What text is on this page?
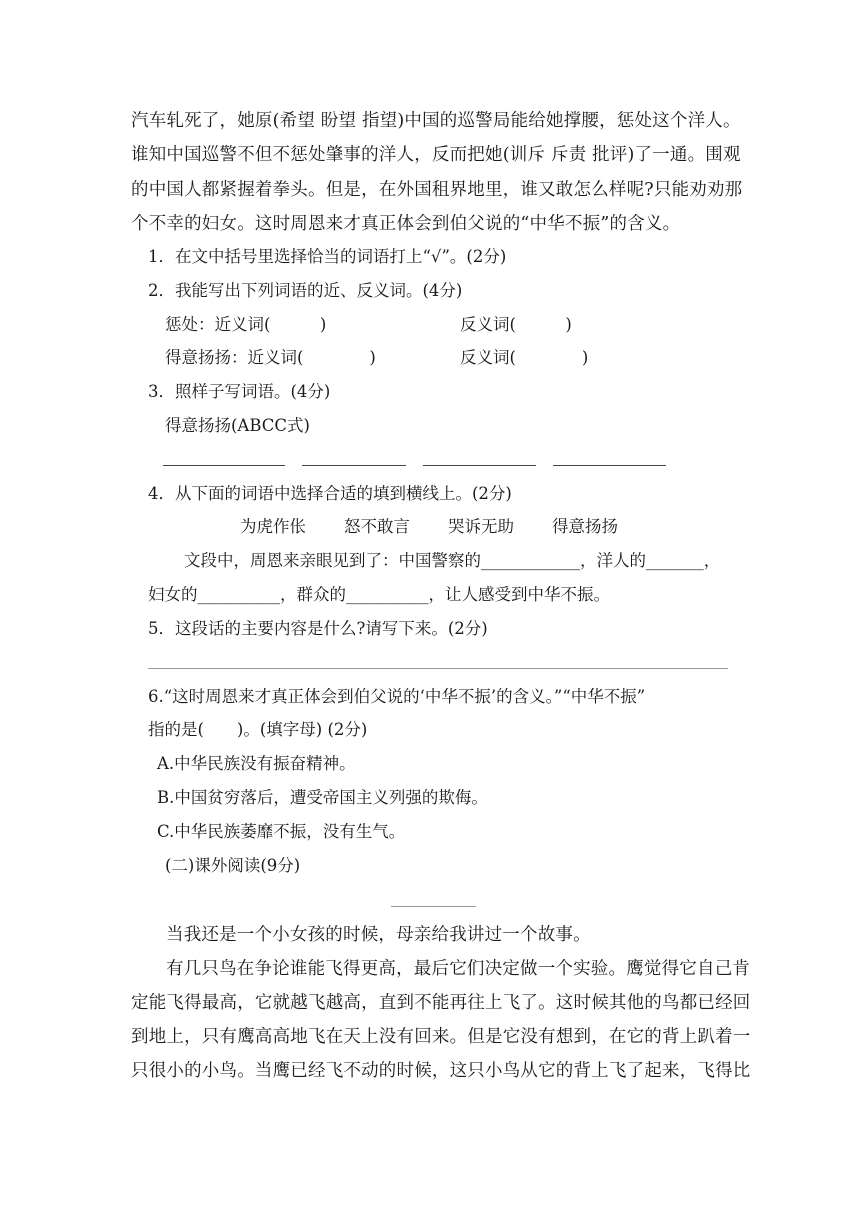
汽车轧死了，她原(希望 盼望 指望)中国的巡警局能给她撑腰，惩处这个洋人。
谁知中国巡警不但不惩处肇事的洋人，反而把她(训斥 斥责 批评)了一通。围观
的中国人都紧握着拳头。但是，在外国租界地里，谁又敢怎么样呢?只能劝劝那
个不幸的妇女。这时周恩来才真正体会到伯父说的“中华不振”的含义。
1．在文中括号里选择恰当的词语打上“√”。(2分)
2．我能写出下列词语的近、反义词。(4分)
惩处：近义词(　　　)	反义词(　　　)
得意扬扬：近义词(　　　　)	反义词(　　　　)
3．照样子写词语。(4分)
得意扬扬(ABCC式)
4．从下面的词语中选择合适的填到横线上。(2分)
为虎作伥 怒不敢言 哭诉无助 得意扬扬
文段中，周恩来亲眼见到了：中国警察的____________，洋人的_______，
妇女的__________，群众的__________，让人感受到中华不振。
5．这段话的主要内容是什么?请写下来。(2分)
6.“这时周恩来才真正体会到伯父说的‘中华不振’的含义。”“中华不振”
指的是(　　)。(填字母) (2分)
A.中华民族没有振奋精神。
B.中国贫穷落后，遭受帝国主义列强的欺侮。
C.中华民族萎靡不振，没有生气。
(二)课外阅读(9分)
当我还是一个小女孩的时候，母亲给我讲过一个故事。
有几只鸟在争论谁能飞得更高，最后它们决定做一个实验。鹰觉得它自己肯
定能飞得最高，它就越飞越高，直到不能再往上飞了。这时候其他的鸟都已经回
到地上，只有鹰高高地飞在天上没有回来。但是它没有想到，在它的背上趴着一
只很小的小鸟。当鹰已经飞不动的时候，这只小鸟从它的背上飞了起来，飞得比
